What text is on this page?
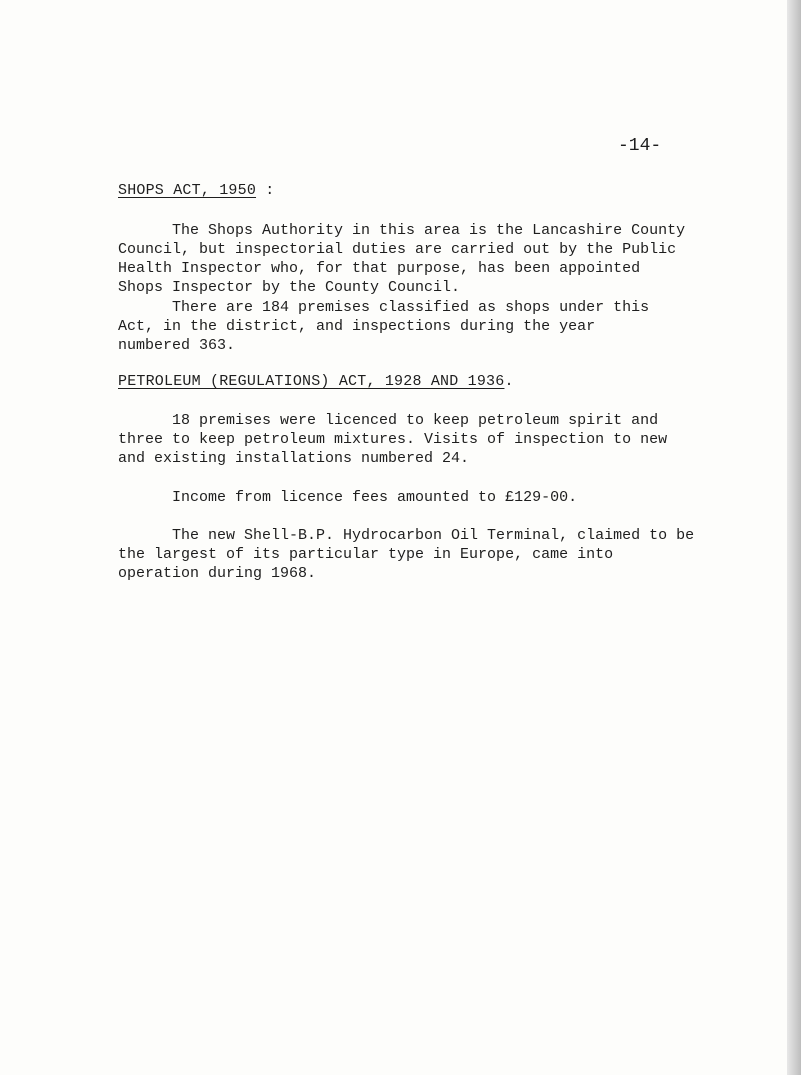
-14-
SHOPS ACT, 1950 :
The Shops Authority in this area is the Lancashire County
Council, but inspectorial duties are carried out by the Public
Health Inspector who, for that purpose, has been appointed
Shops Inspector by the County Council.
There are 184 premises classified as shops under this
Act, in the district, and inspections during the year
numbered 363.
PETROLEUM (REGULATIONS) ACT, 1928 AND 1936.
18 premises were licenced to keep petroleum spirit and
three to keep petroleum mixtures. Visits of inspection to new
and existing installations numbered 24.
Income from licence fees amounted to £129-00.
The new Shell-B.P. Hydrocarbon Oil Terminal, claimed to be
the largest of its particular type in Europe, came into
operation during 1968.
